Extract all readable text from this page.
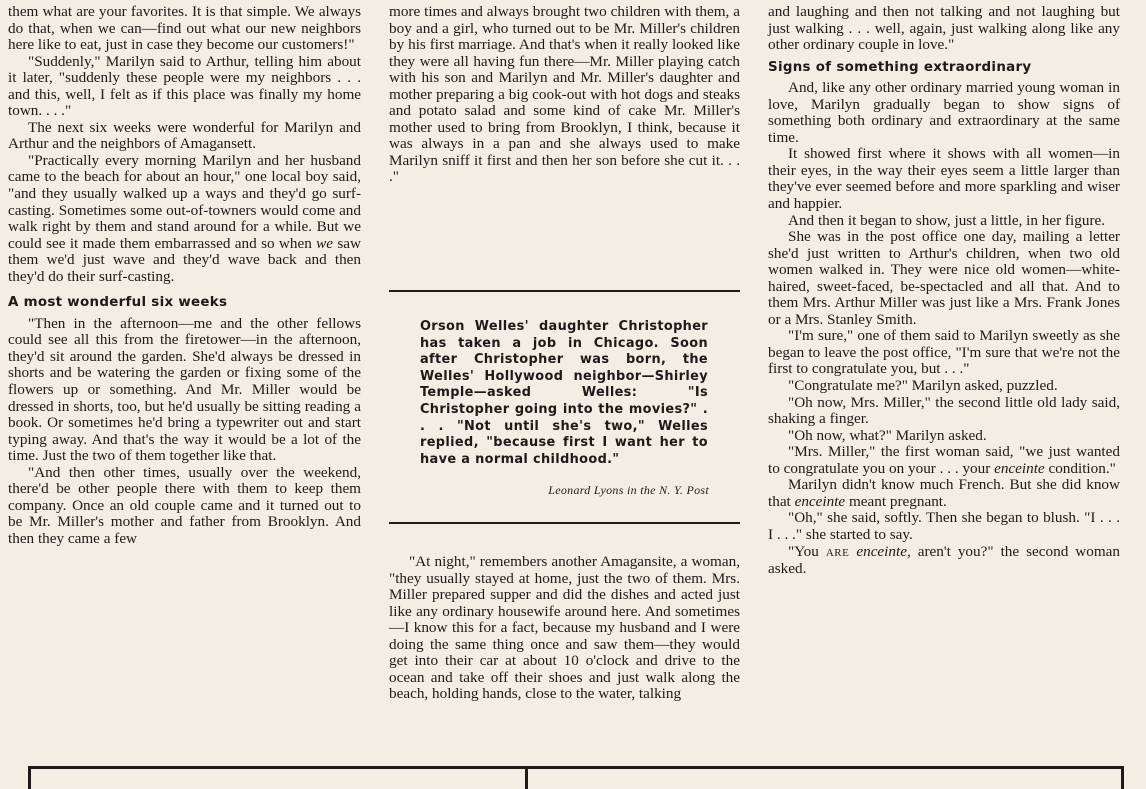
them what are your favorites. It is that simple. We always do that, when we can—find out what our new neighbors here like to eat, just in case they become our customers!"

"Suddenly," Marilyn said to Arthur, telling him about it later, "suddenly these people were my neighbors . . . and this, well, I felt as if this place was finally my home town. . . ."

The next six weeks were wonderful for Marilyn and Arthur and the neighbors of Amagansett.

"Practically every morning Marilyn and her husband came to the beach for about an hour," one local boy said, "and they usually walked up a ways and they'd go surf-casting. Sometimes some out-of-towners would come and walk right by them and stand around for a while. But we could see it made them embarrassed and so when we saw them we'd just wave and they'd wave back and then they'd do their surf-casting.

A most wonderful six weeks

"Then in the afternoon—me and the other fellows could see all this from the firetower—in the afternoon, they'd sit around the garden. She'd always be dressed in shorts and be watering the garden or fixing some of the flowers up or something. And Mr. Miller would be dressed in shorts, too, but he'd usually be sitting reading a book. Or sometimes he'd bring a typewriter out and start typing away. And that's the way it would be a lot of the time. Just the two of them together like that.

"And then other times, usually over the weekend, there'd be other people there with them to keep them company. Once an old couple came and it turned out to be Mr. Miller's mother and father from Brooklyn. And then they came a few

more times and always brought two children with them, a boy and a girl, who turned out to be Mr. Miller's children by his first marriage. And that's when it really looked like they were all having fun there—Mr. Miller playing catch with his son and Marilyn and Mr. Miller's daughter and mother preparing a big cook-out with hot dogs and steaks and potato salad and some kind of cake Mr. Miller's mother used to bring from Brooklyn, I think, because it was always in a pan and she always used to make Marilyn sniff it first and then her son before she cut it. . . ."

Orson Welles' daughter Christopher has taken a job in Chicago. Soon after Christopher was born, the Welles' Hollywood neighbor—Shirley Temple—asked Welles: "Is Christopher going into the movies?" . . . "Not until she's two," Welles replied, "because first I want her to have a normal childhood."
Leonard Lyons in the N. Y. Post

"At night," remembers another Amagansite, a woman, "they usually stayed at home, just the two of them. Mrs. Miller prepared supper and did the dishes and acted just like any ordinary housewife around here. And sometimes—I know this for a fact, because my husband and I were doing the same thing once and saw them—they would get into their car at about 10 o'clock and drive to the ocean and take off their shoes and just walk along the beach, holding hands, close to the water, talking

and laughing and then not talking and not laughing but just walking . . . well, again, just walking along like any other ordinary couple in love."

Signs of something extraordinary

And, like any other ordinary married young woman in love, Marilyn gradually began to show signs of something both ordinary and extraordinary at the same time.

It showed first where it shows with all women—in their eyes, in the way their eyes seem a little larger than they've ever seemed before and more sparkling and wiser and happier.

And then it began to show, just a little, in her figure.

She was in the post office one day, mailing a letter she'd just written to Arthur's children, when two old women walked in. They were nice old women—white-haired, sweet-faced, be-spectacled and all that. And to them Mrs. Arthur Miller was just like a Mrs. Frank Jones or a Mrs. Stanley Smith.

"I'm sure," one of them said to Marilyn sweetly as she began to leave the post office, "I'm sure that we're not the first to congratulate you, but . . ."

"Congratulate me?" Marilyn asked, puzzled.

"Oh now, Mrs. Miller," the second little old lady said, shaking a finger.

"Oh now, what?" Marilyn asked.

"Mrs. Miller," the first woman said, "we just wanted to congratulate you on your . . . your enceinte condition."

Marilyn didn't know much French. But she did know that enceinte meant pregnant.

"Oh," she said, softly. Then she began to blush. "I . . . I . . ." she started to say.

"You ARE enceinte, aren't you?" the second woman asked.
